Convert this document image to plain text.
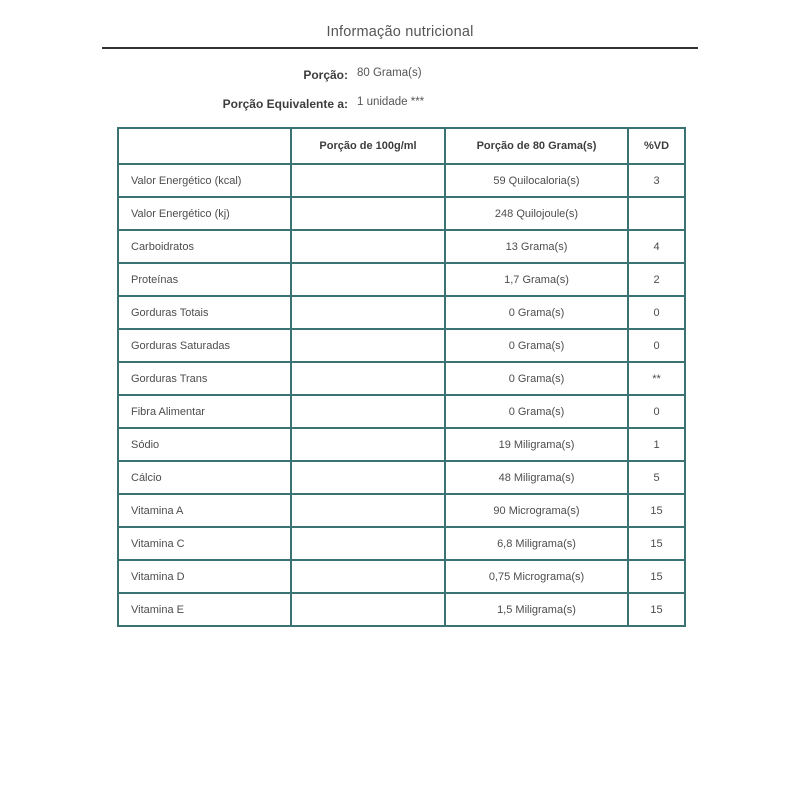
Informação nutricional
Porção: 80 Grama(s)
Porção Equivalente a: 1 unidade ***
	Porção de 100g/ml	Porção de 80 Grama(s)	%VD
Valor Energético (kcal)		59 Quilocaloria(s)	3
Valor Energético (kj)		248 Quilojoule(s)	
Carboidratos		13 Grama(s)	4
Proteínas		1,7 Grama(s)	2
Gorduras Totais		0 Grama(s)	0
Gorduras Saturadas		0 Grama(s)	0
Gorduras Trans		0 Grama(s)	**
Fibra Alimentar		0 Grama(s)	0
Sódio		19 Miligrama(s)	1
Cálcio		48 Miligrama(s)	5
Vitamina A		90 Micrograma(s)	15
Vitamina C		6,8 Miligrama(s)	15
Vitamina D		0,75 Micrograma(s)	15
Vitamina E		1,5 Miligrama(s)	15
